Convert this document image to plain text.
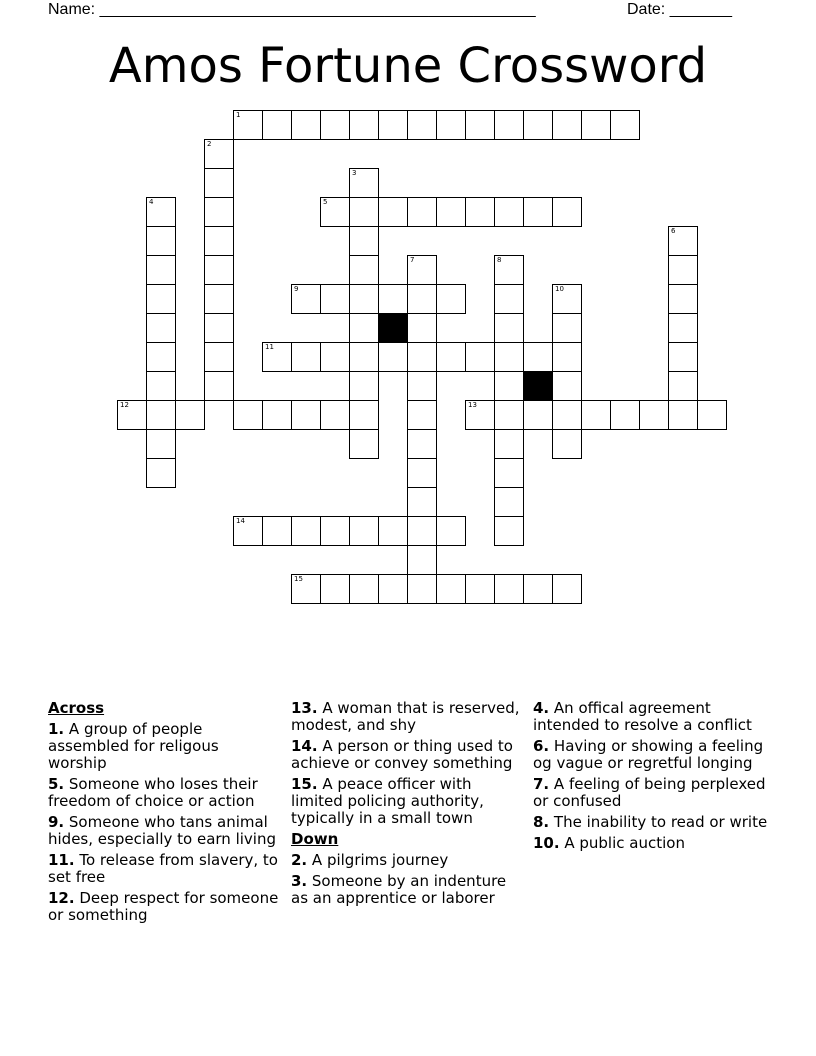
Name: _________________________________________________	Date: _______
Amos Fortune Crossword
1
2
3
4	5
6
7	8
9	10
11
12	13
14
15
Across
1. A group of people assembled for religous worship
5. Someone who loses their freedom of choice or action
9. Someone who tans animal hides, especially to earn living
11. To release from slavery, to set free
12. Deep respect for someone or something
13. A woman that is reserved, modest, and shy
14. A person or thing used to achieve or convey something
15. A peace officer with limited policing authority, typically in a small town
Down
2. A pilgrims journey
3. Someone by an indenture as an apprentice or laborer
4. An offical agreement intended to resolve a conflict
6. Having or showing a feeling og vague or regretful longing
7. A feeling of being perplexed or confused
8. The inability to read or write
10. A public auction
